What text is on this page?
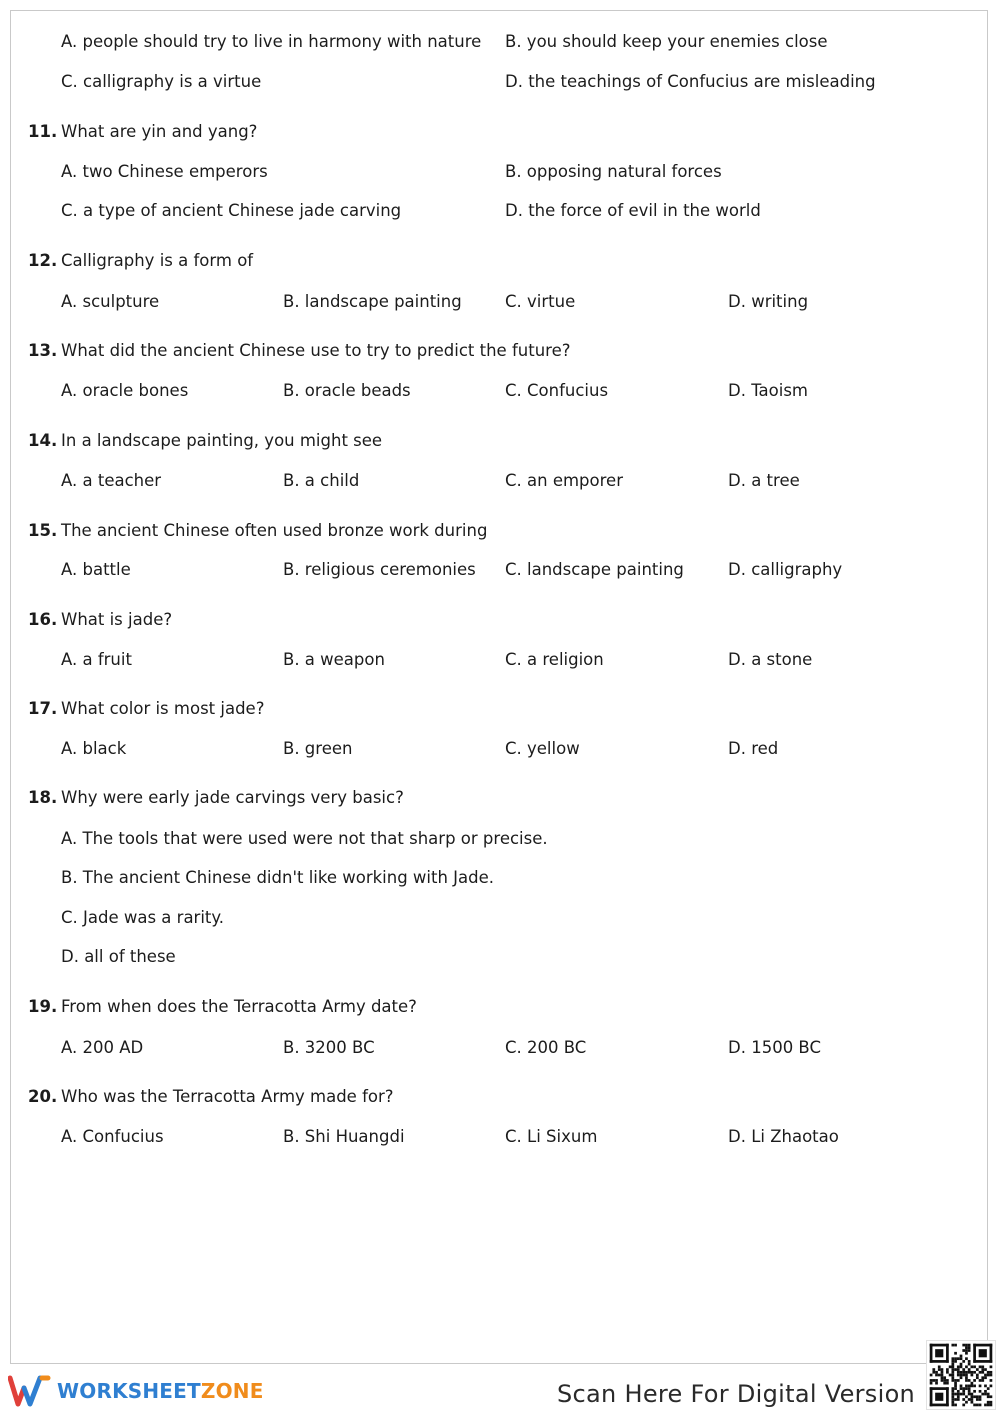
WORKSHEETZONE	Scan Here For Digital Version
A. people should try to live in harmony with nature B. you should keep your enemies close
C. calligraphy is a virtue	D. the teachings of Confucius are misleading
11. What are yin and yang?
A. two Chinese emperors	B. opposing natural forces
C. a type of ancient Chinese jade carving	D. the force of evil in the world
12. Calligraphy is a form of
A. sculpture	B. landscape painting	C. virtue	D. writing
13. What did the ancient Chinese use to try to predict the future?
A. oracle bones	B. oracle beads	C. Confucius	D. Taoism
14. In a landscape painting, you might see
A. a teacher	B. a child	C. an emporer	D. a tree
15. The ancient Chinese often used bronze work during
A. battle	B. religious ceremonies C. landscape painting	D. calligraphy
16. What is jade?
A. a fruit	B. a weapon	C. a religion	D. a stone
17. What color is most jade?
A. black	B. green	C. yellow	D. red
18. Why were early jade carvings very basic?
A. The tools that were used were not that sharp or precise.
B. The ancient Chinese didn't like working with Jade.
C. Jade was a rarity.
D. all of these
19. From when does the Terracotta Army date?
A. 200 AD	B. 3200 BC	C. 200 BC	D. 1500 BC
20. Who was the Terracotta Army made for?
A. Confucius	B. Shi Huangdi	C. Li Sixum	D. Li Zhaotao
